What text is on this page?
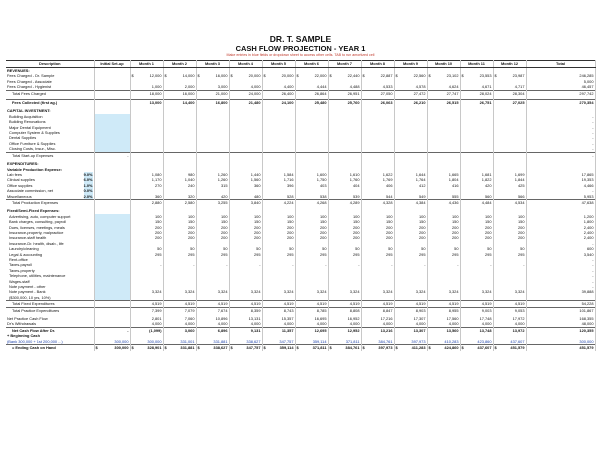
DR. T. SAMPLE
CASH FLOW PROJECTION - YEAR 1
Make entries in blue fields or dropdown sheet to access other cells. TAB to run amortized cell
Description	Initial Set-up	Month 1	Month 2	Month 3	Month 4	Month 5	Month 6	Month 7	Month 8	Month 9	Month 10	Month 11	Month 12	Total
REVENUES:														
Fees Charged - Dr. Sample		$ 12,000	$ 14,000	$ 16,000	$ 20,000	$ 20,000	$ 22,000	$ 22,440	$ 22,887	$ 22,560	$ 23,102	$ 23,553	$ 23,987	246,285
Fees Charged - Associate														5,000
Fees Charged - Hygienist		1,000	2,000	3,000	4,000	4,400	4,444	4,488	4,533	4,578	4,624	4,671	4,717	46,457
Total Fees Charged		18,000	16,000	21,000	24,000	26,400	26,864	26,951	27,050	27,472	27,747	28,024	28,304	297,742

Fees Collected (first ag.)		13,000	14,400	16,800	21,480	24,100	25,480	25,760	26,063	26,210	26,515	26,751	27,025	270,354

CAPITAL INVESTMENT:														
Building Acquisition														-
Building Renovations														-
Major Dental Equipment														-
Computer System & Supplies														-
Dental Supplies														-
Office Furniture & Supplies														-
Closing Costs, Insur., Misc.														-
Total Start-up Expenses	-													-

EXPENDITURES:														
Variable Production Expense:														
Lab fees 9.0%		1,080	980	1,260	1,440	1,584	1,600	1,610	1,622	1,644	1,665	1,681	1,699	17,865
Clinical supplies 6.0%		1,170	1,040	1,260	1,560	1,716	1,750	1,760	1,769	1,764	1,804	1,822	1,844	19,353
Office supplies 1.0%		270	240	315	360	396	403	404	406	412	416	420	425	4,466
Associate commission, net 0.0%														-
Miscellaneous 2.0%		360	320	420	480	528	538	539	544	549	555	560	566	5,953
Total Production Expenses		2,880	2,580	3,255	3,840	4,224	4,268	4,289	4,328	4,384	4,436	4,484	4,534	47,638

Fixed/Semi-Fixed Expenses:														
Advertising, auto, computer support		100	100	100	100	100	100	100	100	100	100	100	100	1,200
Bank charges, consulting, payroll		150	150	150	150	150	150	150	150	150	150	150	150	1,800
Dues, licenses, meetings, meals		200	200	200	200	200	200	200	200	200	200	200	200	2,400
Insurance-property, malpractice		200	200	200	200	200	200	200	200	200	200	200	200	2,400
Insurance-staff health		200	200	200	200	200	200	200	200	200	200	200	200	2,400
Insurance-Dr. health, disab., life														-
Laundry/cleaning		50	50	50	50	50	50	50	50	50	50	50	50	600
Legal & accounting		295	295	295	295	295	295	295	295	295	295	295	295	3,540
Rent-office														-
Taxes-payroll		-	-	-	-	-	-	-	-	-	-	-	-	-
Taxes-property														-
Telephone, utilities, maintenance														-
Wages-staff														-
Note payment - other														-
Note payment - Bank		3,324	3,324	3,324	3,324	3,324	3,324	3,324	3,324	3,324	3,324	3,324	3,324	39,888
($300,000, 10 yrs, 10%)														
Total Fixed Expenditures		4,519	4,519	4,519	4,519	4,519	4,519	4,519	4,519	4,519	4,519	4,519	4,519	54,228
Total Practice Expenditures		7,399	7,079	7,674	8,359	8,743	8,785	8,808	8,847	8,903	8,955	9,003	9,053	101,867

Net Practice Cash Flow		2,801	7,060	10,896	13,131	15,357	16,695	16,952	17,216	17,307	17,560	17,748	17,972	168,355
Dr's Withdrawals		4,000	4,000	4,000	4,000	4,000	4,000	4,000	4,000	4,000	4,000	4,000	4,000	48,000
Net Cash Flow After Dr.	-	(1,099)	3,060	6,896	9,131	11,357	12,695	12,952	13,216	13,307	13,560	13,748	13,972	120,355
+ Beginning Cash														
(Bank 300,000 + 1st 200,000 ...)	300,000	300,000	331,001	331,881	338,627	347,757	359,114	371,811	384,761	397,973	410,283	423,860	437,607	300,000
= Ending Cash on Hand	$ 300,000	$ 328,901	$ 331,881	$ 338,627	$ 347,757	$ 359,114	$ 371,811	$ 384,761	$ 397,973	$ 411,283	$ 424,860	$ 437,607	$ 451,579	451,579
